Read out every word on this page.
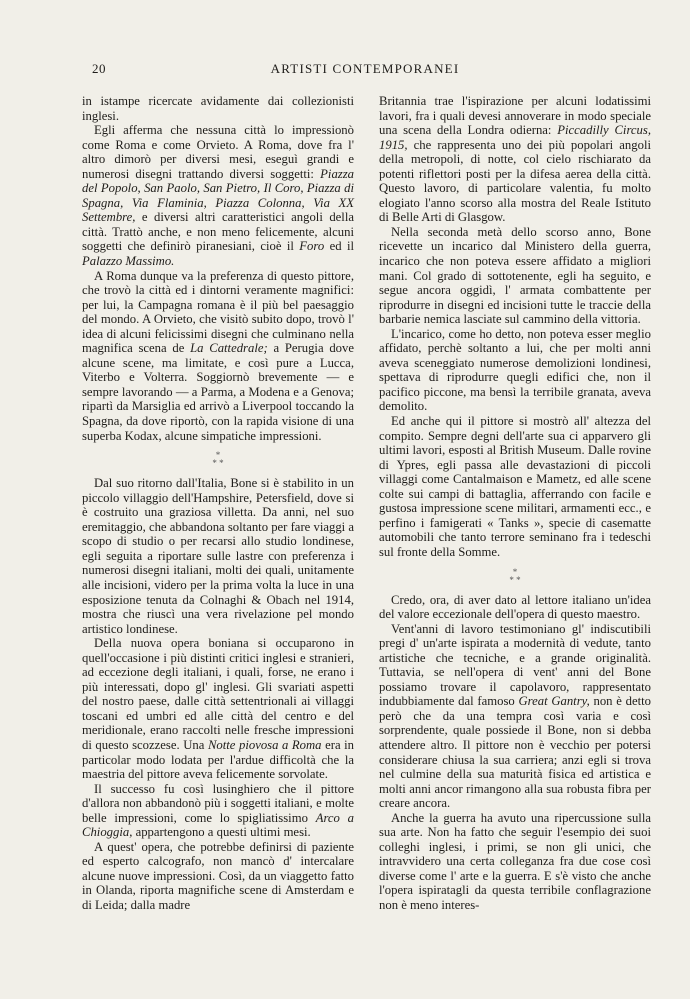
20	ARTISTI CONTEMPORANEI

in istampe ricercate avidamente dai collezionisti inglesi.

Egli afferma che nessuna città lo impressionò come Roma e come Orvieto. A Roma, dove fra l' altro dimorò per diversi mesi, eseguì grandi e numerosi disegni trattando diversi soggetti: Piazza del Popolo, San Paolo, San Pietro, Il Coro, Piazza di Spagna, Via Flaminia, Piazza Colonna, Via XX Settembre, e diversi altri caratteristici angoli della città. Trattò anche, e non meno felicemente, alcuni soggetti che definirò piranesiani, cioè il Foro ed il Palazzo Massimo.

A Roma dunque va la preferenza di questo pittore, che trovò la città ed i dintorni veramente magnifici: per lui, la Campagna romana è il più bel paesaggio del mondo. A Orvieto, che visitò subito dopo, trovò l' idea di alcuni felicissimi disegni che culminano nella magnifica scena de La Cattedrale; a Perugia dove alcune scene, ma limitate, e così pure a Lucca, Viterbo e Volterra. Soggiornò brevemente — e sempre lavorando — a Parma, a Modena e a Genova; ripartì da Marsiglia ed arrivò a Liverpool toccando la Spagna, da dove riportò, con la rapida visione di una superba Kodax, alcune simpatiche impressioni.

*
* *

Dal suo ritorno dall'Italia, Bone si è stabilito in un piccolo villaggio dell'Hampshire, Petersfield, dove si è costruito una graziosa villetta. Da anni, nel suo eremitaggio, che abbandona soltanto per fare viaggi a scopo di studio o per recarsi allo studio londinese, egli seguita a riportare sulle lastre con preferenza i numerosi disegni italiani, molti dei quali, unitamente alle incisioni, videro per la prima volta la luce in una esposizione tenuta da Colnaghi & Obach nel 1914, mostra che riuscì una vera rivelazione pel mondo artistico londinese.

Della nuova opera boniana si occuparono in quell'occasione i più distinti critici inglesi e stranieri, ad eccezione degli italiani, i quali, forse, ne erano i più interessati, dopo gl' inglesi. Gli svariati aspetti del nostro paese, dalle città settentrionali ai villaggi toscani ed umbri ed alle città del centro e del meridionale, erano raccolti nelle fresche impressioni di questo scozzese. Una Notte piovosa a Roma era in particolar modo lodata per l'ardue difficoltà che la maestria del pittore aveva felicemente sorvolate.

Il successo fu così lusinghiero che il pittore d'allora non abbandonò più i soggetti italiani, e molte belle impressioni, come lo spigliatissimo Arco a Chioggia, appartengono a questi ultimi mesi.

A quest' opera, che potrebbe definirsi di paziente ed esperto calcografo, non mancò d' intercalare alcune nuove impressioni. Così, da un viaggetto fatto in Olanda, riporta magnifiche scene di Amsterdam e di Leida; dalla madre

Britannia trae l'ispirazione per alcuni lodatissimi lavori, fra i quali devesi annoverare in modo speciale una scena della Londra odierna: Piccadilly Circus, 1915, che rappresenta uno dei più popolari angoli della metropoli, di notte, col cielo rischiarato da potenti riflettori posti per la difesa aerea della città. Questo lavoro, di particolare valentia, fu molto elogiato l'anno scorso alla mostra del Reale Istituto di Belle Arti di Glasgow.

Nella seconda metà dello scorso anno, Bone ricevette un incarico dal Ministero della guerra, incarico che non poteva essere affidato a migliori mani. Col grado di sottotenente, egli ha seguito, e segue ancora oggidì, l' armata combattente per riprodurre in disegni ed incisioni tutte le traccie della barbarie nemica lasciate sul cammino della vittoria.

L'incarico, come ho detto, non poteva esser meglio affidato, perchè soltanto a lui, che per molti anni aveva sceneggiato numerose demolizioni londinesi, spettava di riprodurre quegli edifici che, non il pacifico piccone, ma bensì la terribile granata, aveva demolito.

Ed anche qui il pittore si mostrò all' altezza del compito. Sempre degni dell'arte sua ci apparvero gli ultimi lavori, esposti al British Museum. Dalle rovine di Ypres, egli passa alle devastazioni di piccoli villaggi come Cantalmaison e Mametz, ed alle scene colte sui campi di battaglia, afferrando con facile e gustosa impressione scene militari, armamenti ecc., e perfino i famigerati « Tanks », specie di casematte automobili che tanto terrore seminano fra i tedeschi sul fronte della Somme.

*
* *

Credo, ora, di aver dato al lettore italiano un'idea del valore eccezionale dell'opera di questo maestro.

Vent'anni di lavoro testimoniano gl' indiscutibili pregi d' un'arte ispirata a modernità di vedute, tanto artistiche che tecniche, e a grande originalità. Tuttavia, se nell'opera di vent' anni del Bone possiamo trovare il capolavoro, rappresentato indubbiamente dal famoso Great Gantry, non è detto però che da una tempra così varia e così sorprendente, quale possiede il Bone, non si debba attendere altro. Il pittore non è vecchio per potersi considerare chiusa la sua carriera; anzi egli si trova nel culmine della sua maturità fisica ed artistica e molti anni ancor rimangono alla sua robusta fibra per creare ancora.

Anche la guerra ha avuto una ripercussione sulla sua arte. Non ha fatto che seguir l'esempio dei suoi colleghi inglesi, i primi, se non gli unici, che intravvidero una certa colleganza fra due cose così diverse come l' arte e la guerra. E s'è visto che anche l'opera ispiratagli da questa terribile conflagrazione non è meno interes-
